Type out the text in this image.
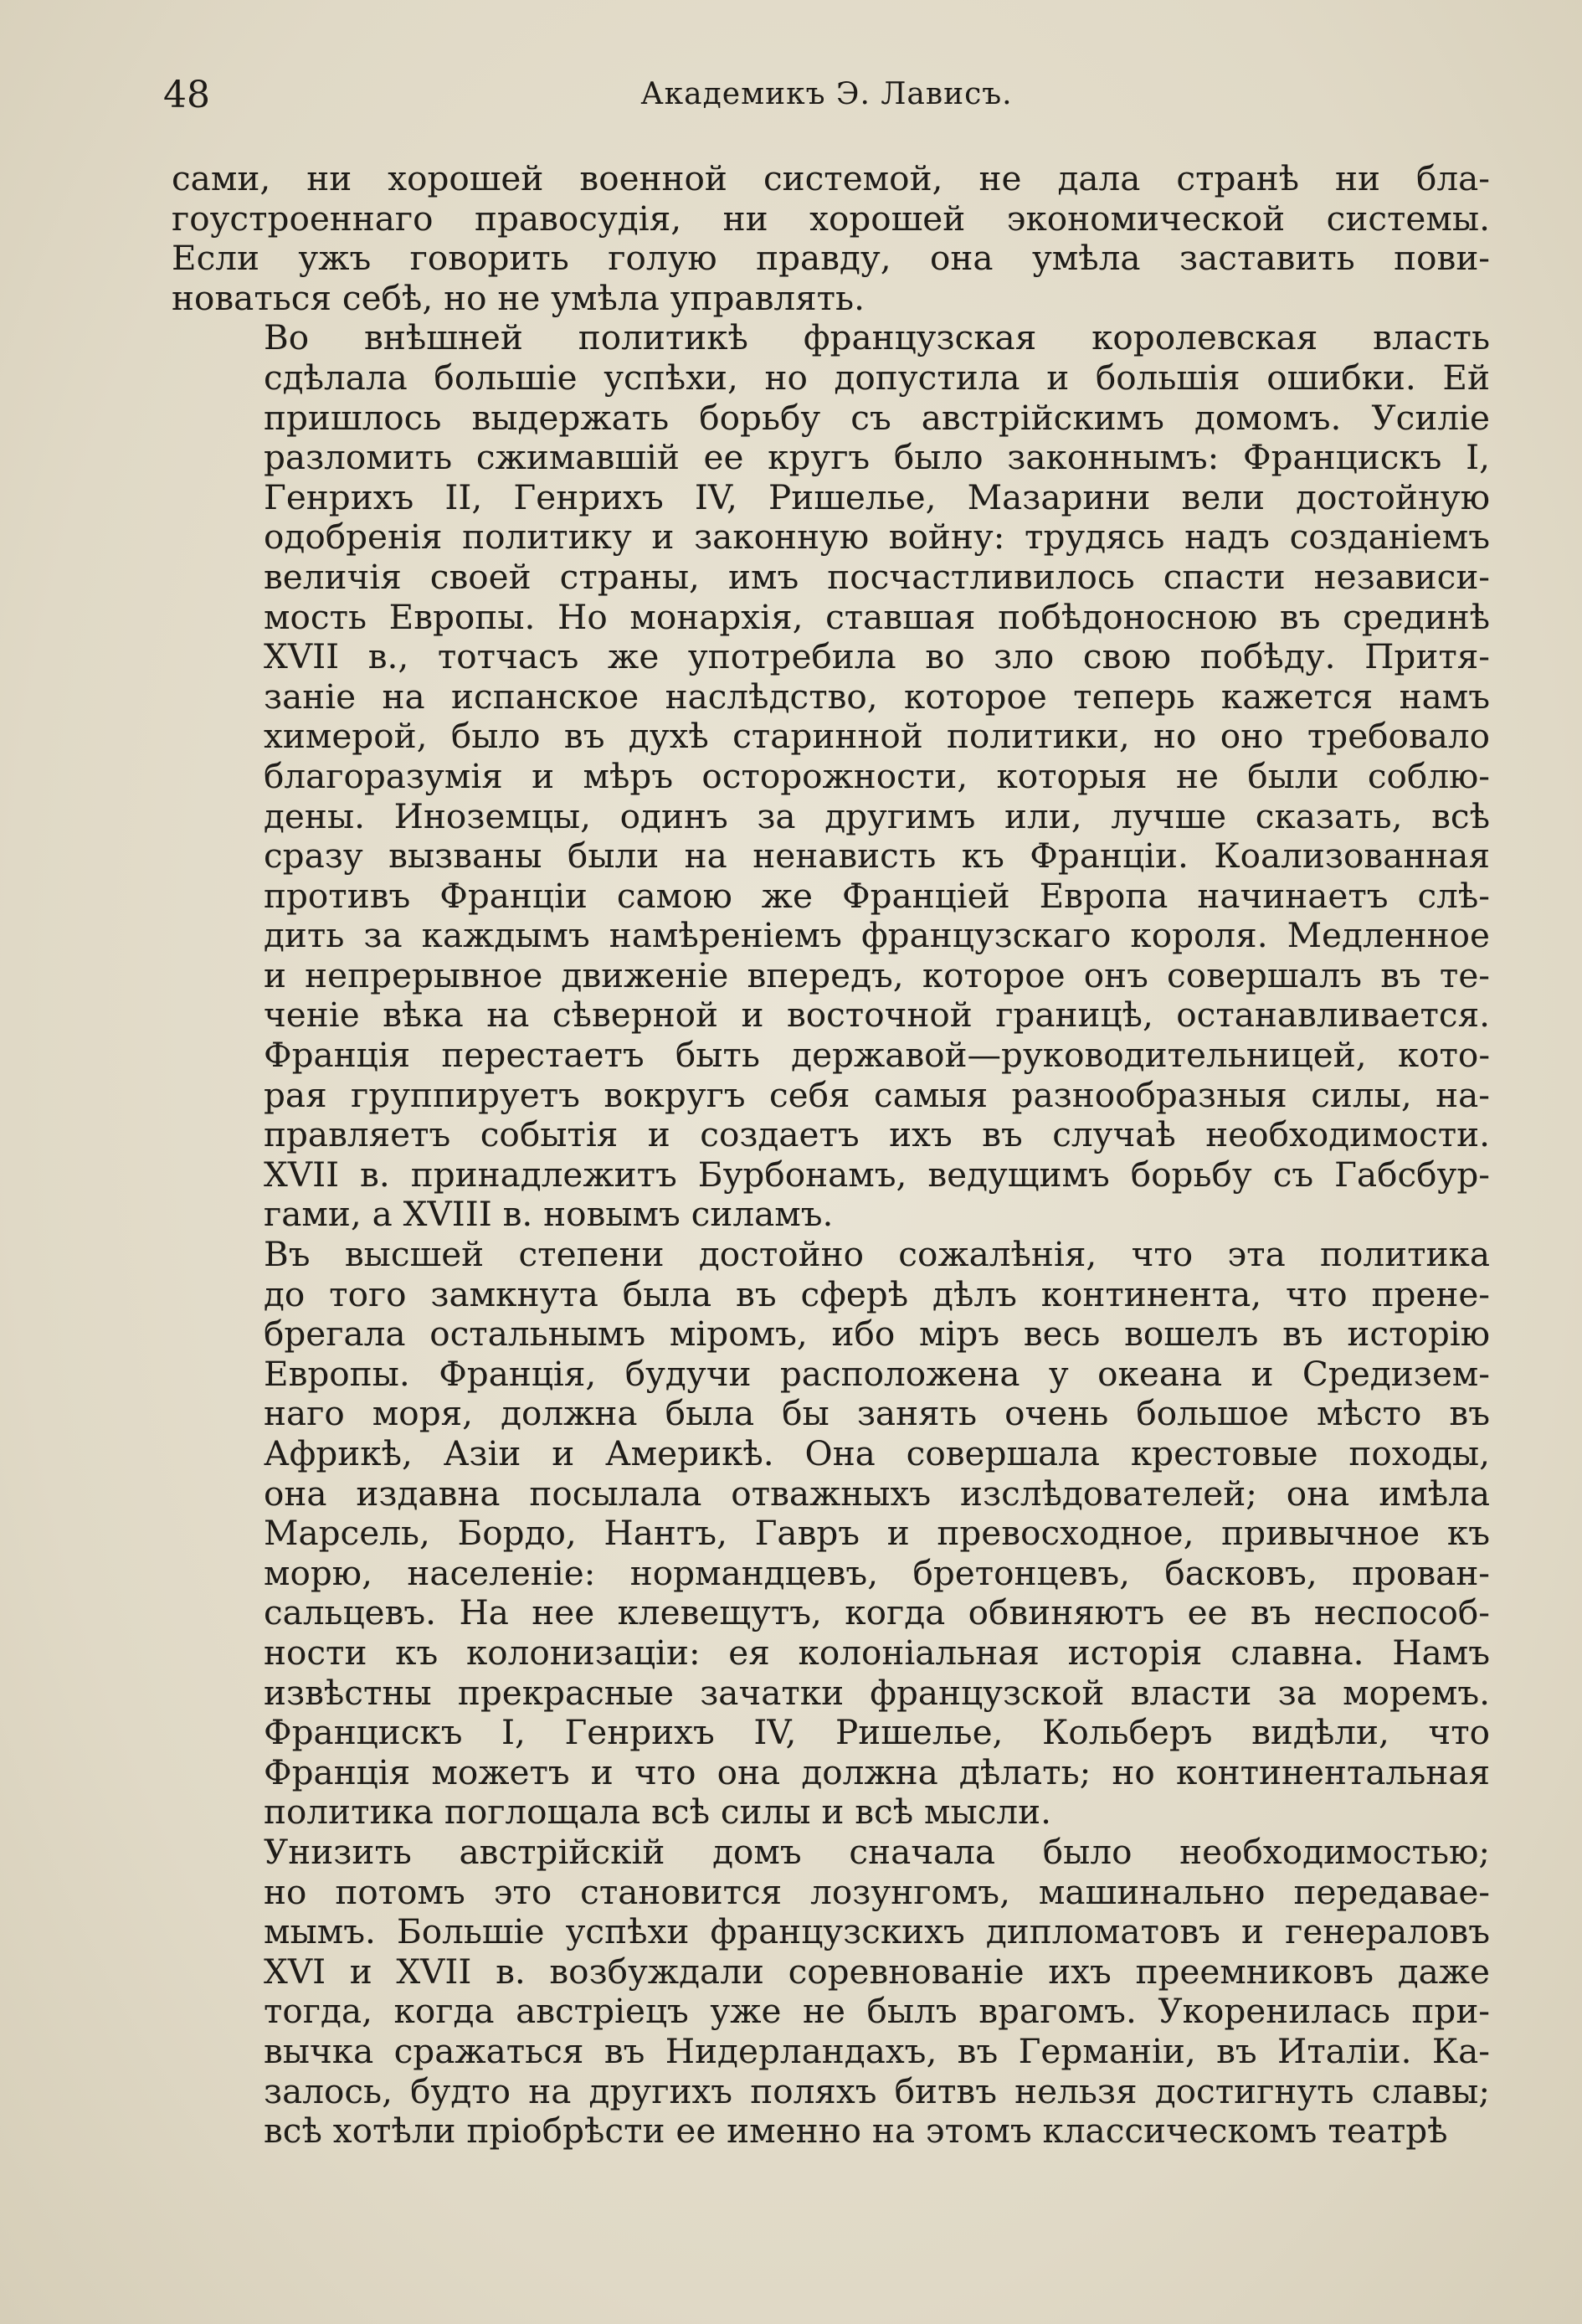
48	Академикъ Э. Лависъ.

сами, ни хорошей военной системой, не дала странѣ ни бла-
гоустроеннаго правосудія, ни хорошей экономической системы.
Если ужъ говорить голую правду, она умѣла заставить пови-
новаться себѣ, но не умѣла управлять.

Во внѣшней политикѣ французская королевская власть
сдѣлала большіе успѣхи, но допустила и большія ошибки. Ей
пришлось выдержать борьбу съ австрійскимъ домомъ. Усиліе
разломить сжимавшій ее кругъ было законнымъ: Францискъ I,
Генрихъ II, Генрихъ IV, Ришелье, Мазарини вели достойную
одобренія политику и законную войну: трудясь надъ созданіемъ
величія своей страны, имъ посчастливилось спасти независи-
мость Европы. Но монархія, ставшая побѣдоносною въ срединѣ
XVII в., тотчасъ же употребила во зло свою побѣду. Притя-
заніе на испанское наслѣдство, которое теперь кажется намъ
химерой, было въ духѣ старинной политики, но оно требовало
благоразумія и мѣръ осторожности, которыя не были соблю-
дены. Иноземцы, одинъ за другимъ или, лучше сказать, всѣ
сразу вызваны были на ненависть къ Франціи. Коализованная
противъ Франціи самою же Франціей Европа начинаетъ слѣ-
дить за каждымъ намѣреніемъ французскаго короля. Медленное
и непрерывное движеніе впередъ, которое онъ совершалъ въ те-
ченіе вѣка на сѣверной и восточной границѣ, останавливается.
Франція перестаетъ быть державой—руководительницей, кото-
рая группируетъ вокругъ себя самыя разнообразныя силы, на-
правляетъ событія и создаетъ ихъ въ случаѣ необходимости.
XVII в. принадлежитъ Бурбонамъ, ведущимъ борьбу съ Габсбур-
гами, а XVIII в. новымъ силамъ.

Въ высшей степени достойно сожалѣнія, что эта политика
до того замкнута была въ сферѣ дѣлъ континента, что прене-
брегала остальнымъ міромъ, ибо міръ весь вошелъ въ исторію
Европы. Франція, будучи расположена у океана и Средизем-
наго моря, должна была бы занять очень большое мѣсто въ
Африкѣ, Азіи и Америкѣ. Она совершала крестовые походы,
она издавна посылала отважныхъ изслѣдователей; она имѣла
Марсель, Бордо, Нантъ, Гавръ и превосходное, привычное къ
морю, населеніе: нормандцевъ, бретонцевъ, басковъ, прован-
сальцевъ. На нее клевещутъ, когда обвиняютъ ее въ неспособ-
ности къ колонизаціи: ея колоніальная исторія славна. Намъ
извѣстны прекрасные зачатки французской власти за моремъ.
Францискъ I, Генрихъ IV, Ришелье, Кольберъ видѣли, что
Франція можетъ и что она должна дѣлать; но континентальная
политика поглощала всѣ силы и всѣ мысли.

Унизить австрійскій домъ сначала было необходимостью;
но потомъ это становится лозунгомъ, машинально передавае-
мымъ. Большіе успѣхи французскихъ дипломатовъ и генераловъ
XVI и XVII в. возбуждали соревнованіе ихъ преемниковъ даже
тогда, когда австріецъ уже не былъ врагомъ. Укоренилась при-
вычка сражаться въ Нидерландахъ, въ Германіи, въ Италіи. Ка-
залось, будто на другихъ поляхъ битвъ нельзя достигнуть славы;
всѣ хотѣли пріобрѣсти ее именно на этомъ классическомъ театрѣ
